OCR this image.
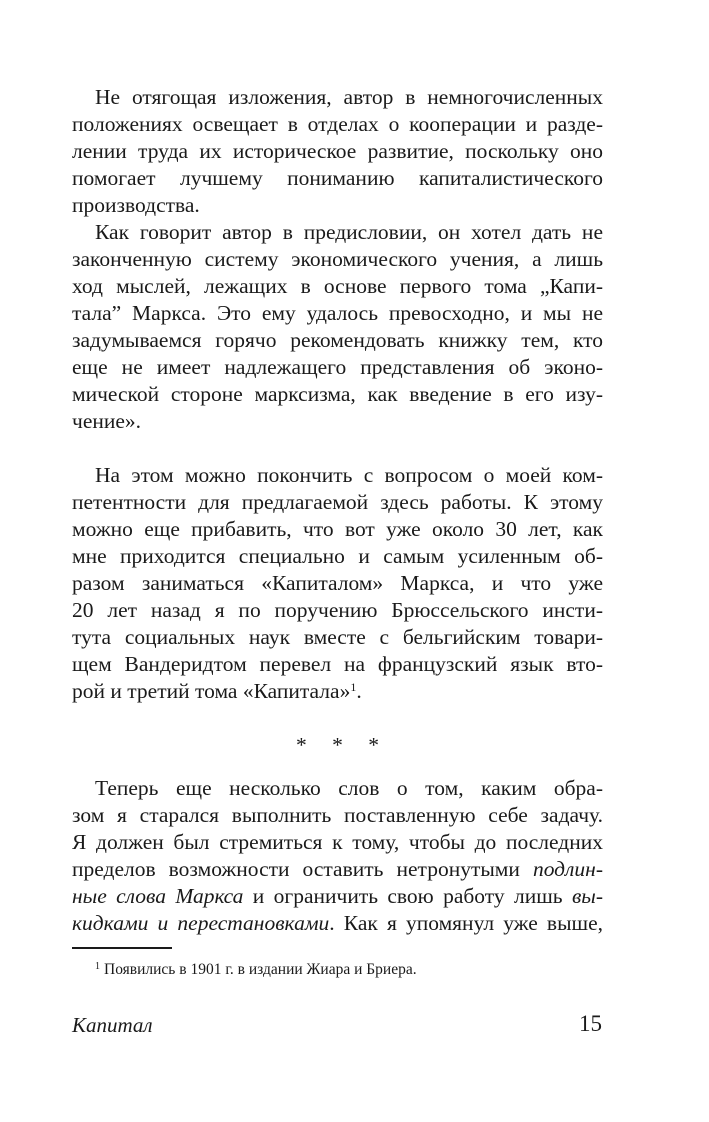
Не отягощая изложения, автор в немногочисленных
положениях освещает в отделах о кооперации и разде-
лении труда их историческое развитие, поскольку оно
помогает лучшему пониманию капиталистического
производства.
Как говорит автор в предисловии, он хотел дать не
законченную систему экономического учения, а лишь
ход мыслей, лежащих в основе первого тома „Капи-
тала” Маркса. Это ему удалось превосходно, и мы не
задумываемся горячо рекомендовать книжку тем, кто
еще не имеет надлежащего представления об эконо-
мической стороне марксизма, как введение в его изу-
чение».
На этом можно покончить с вопросом о моей ком-
петентности для предлагаемой здесь работы. К этому
можно еще прибавить, что вот уже около 30 лет, как
мне приходится специально и самым усиленным об-
разом заниматься «Капиталом» Маркса, и что уже
20 лет назад я по поручению Брюссельского инсти-
тута социальных наук вместе с бельгийским товари-
щем Вандеридтом перевел на французский язык вто-
рой и третий тома «Капитала»$^1$.
* * *
Теперь еще несколько слов о том, каким обра-
зом я старался выполнить поставленную себе задачу.
Я должен был стремиться к тому, чтобы до последних
пределов возможности оставить нетронутыми подлин-
ные слова Маркса и ограничить свою работу лишь вы-
кидками и перестановками. Как я упомянул уже выше,
$^1$ Появились в 1901 г. в издании Жиара и Бриера.
Капитал	15
